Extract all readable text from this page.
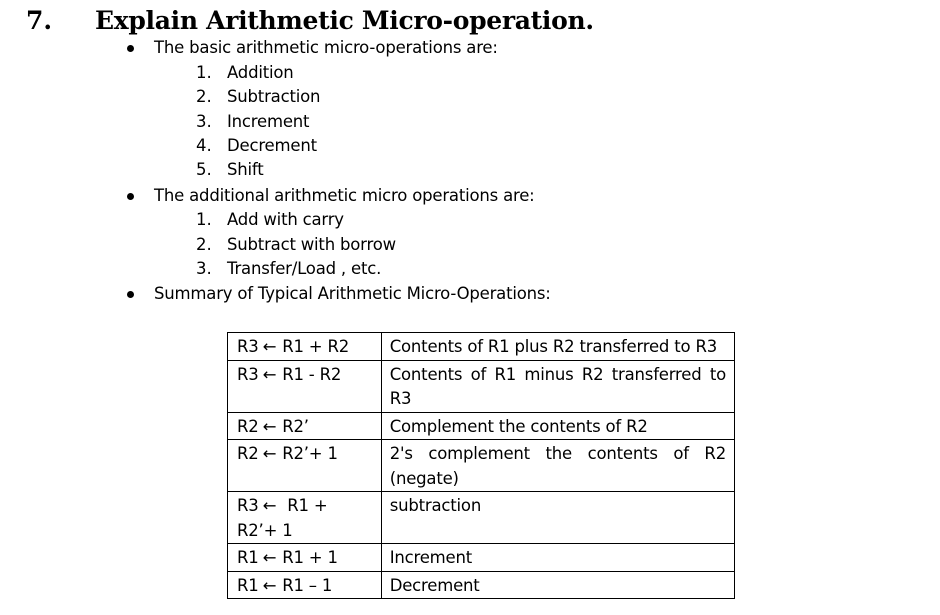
7. Explain Arithmetic Micro-operation.
The basic arithmetic micro-operations are:
1. Addition
2. Subtraction
3. Increment
4. Decrement
5. Shift
The additional arithmetic micro operations are:
1. Add with carry
2. Subtract with borrow
3. Transfer/Load , etc.
Summary of Typical Arithmetic Micro-Operations:
R3 ← R1 + R2	Contents of R1 plus R2 transferred to R3
R3 ← R1 - R2	Contents of R1 minus R2 transferred to R3
R2 ← R2’	Complement the contents of R2
R2 ← R2’+ 1	2's complement the contents of R2 (negate)
R3 ← R1 + R2’+ 1	subtraction
R1 ← R1 + 1	Increment
R1 ← R1 – 1	Decrement
